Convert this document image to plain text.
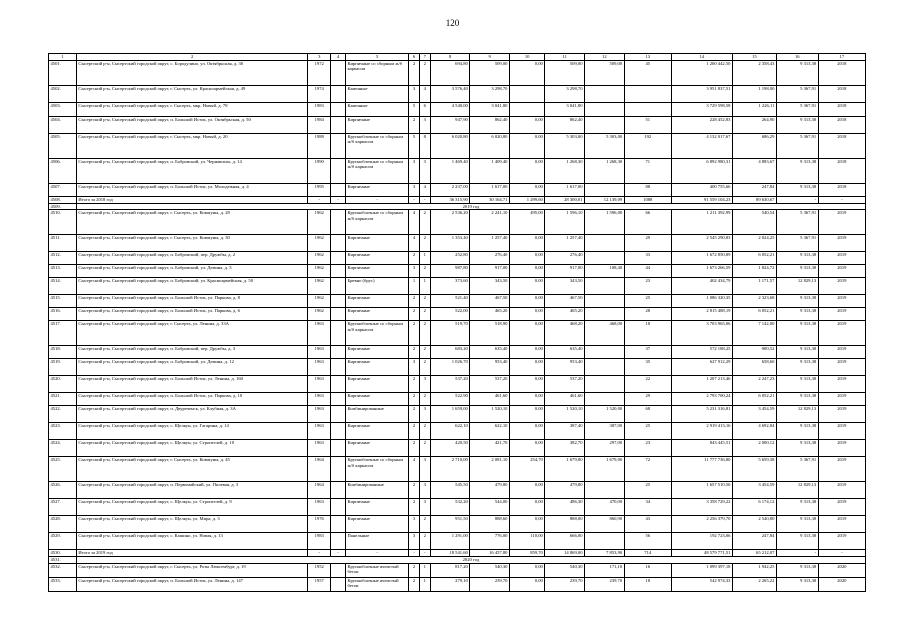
120
1	2	3	4	5	6	7	8	9	10	11	12	13	14	15	16	17
4501.	Сысертский р-н, Сысертский городской округ, с. Бородулино, ул. Октябрьская, д. 30	1972		Кирпичные со сборным ж/б каркасом	2	2	694,80	509,00	0,00	509,00	509,00	45	1 200 442,50	2 358,43	9 313,38	2018
4502.	Сысертский р-н, Сысертский городской округ, г. Сысерть, ул. Красноармейская, д. 49	1974		Каменные	3	4	3 576,40	3 298,70		3 298,70			3 951 837,51	1 198,00	5 367,91	2018
4503.	Сысертский р-н, Сысертский городской округ, г. Сысерть, мкр. Новый, д. 78	1983		Каменные	5	6	4 540,00	3 041,80		3 041,80			3 729 598,58	1 226,11	5 367,91	2018
4504.	Сысертский р-н, Сысертский городской округ, п. Большой Исток, ул. Октябрьская, д. 50	1984		Кирпичные	2	3	947,90	862,40	0,00	862,40		51	228 452,83	264,90	9 313,38	2018
4505.	Сысертский р-н, Сысертский городской округ, г. Сысерть, мкр. Новый, д. 20	1988		Крупноблочные со сборным ж/б каркасом	5	8	6 020,80	6 020,80	0,00	5 303,00	5 303,00	192	4 132 017,67	686,29	5 367,91	2018
4506.	Сысертский р-н, Сысертский городской округ, п. Бобровский, ул. Чернавских, д. 14	1990		Крупноблочные со сборным ж/б каркасом	3	3	1 469,40	1 409,40	0,00	1 268,30	1 268,30	71	6 892 980,31	4 883,67	9 313,38	2018
4507.	Сысертский р-н, Сысертский городской округ, п. Большой Исток, ул. Молодежная, д. 4	1995		Кирпичные	3	4	2 237,00	1 617,00	0,00	1 617,00		88	400 755,66	247,84	9 313,38	2018
4508.	Итого за 2018 год	-	-	-	-	-	36 315,90	30 164,71	1 299,60	28 300,01	12 139,09	1088	91 559 104,23	89 630,67	-	-
4509.	2019 год															
4510.	Сысертский р-н, Сысертский городской округ, г. Сысерть, ул. Коммуны, д. 28	1962		Крупноблочные со сборным ж/б каркасом	4	2	2 536,20	2 241,10	495,00	1 596,10	1 596,00	66	1 211 392,99	540,54	5 367,91	2019
4511.	Сысертский р-н, Сысертский городской округ, г. Сысерть, ул. Коммуны, д. 30	1962		Кирпичные	4	2	1 353,40	1 257,40	0,00	1 257,40		29	2 545 290,83	2 024,25	5 367,91	2019
4512.	Сысертский р-н, Сысертский городской округ, п. Бобровский, пер. Дружбы, д. 2	1962		Кирпичные	2	1	252,80	276,40	0,00	276,40		33	1 672 850,89	6 052,21	9 313,38	2019
4513.	Сысертский р-н, Сысертский городской округ, п. Бобровский, ул. Демина, д. 5	1962		Кирпичные	3	2	987,80	917,00	0,00	917,00	108,40	44	1 673 266,59	1 824,72	9 313,38	2019
4514.	Сысертский р-н, Сысертский городской округ, п. Бобровский, ул. Красноармейская, д. 50	1962		Бревно (брус)	1	1	373,60	343,50	0,00	343,50		23	402 434,79	1 171,57	12 829,13	2019
4515.	Сысертский р-н, Сысертский городской округ, п. Большой Исток, ул. Паркова, д. 8	1962		Кирпичные	2	2	521,40	467,50	0,00	467,50		25	1 086 320,35	2 323,68	9 313,38	2019
4516.	Сысертский р-н, Сысертский городской округ, п. Большой Исток, ул. Паркова, д. 6	1962		Кирпичные	2	2	522,00	465,20	0,00	465,20		28	2 815 488,19	6 052,21	9 313,38	2019
4517.	Сысертский р-н, Сысертский городской округ, г. Сысерть, ул. Ленина, д. 33А	1963		Крупноблочные со сборным ж/б каркасом	2	2	519,70	518,90	0,00	468,20	468,00	18	3 703 965,06	7 142,00	9 313,38	2019
4518.	Сысертский р-н, Сысертский городской округ, п. Бобровский, пер. Дружбы, д. 3	1963		Кирпичные	2	2	683,20	635,40	0,00	635,40		37	572 188,25	900,52	9 313,38	2019
4519.	Сысертский р-н, Сысертский городской округ, п. Бобровский, ул. Демина, д. 12	1963		Кирпичные	3	2	1 026,70	953,40	0,00	953,40		35	627 912,29	658,60	9 313,38	2019
4520.	Сысертский р-н, Сысертский городской округ, п. Большой Исток, ул. Ленина, д. 160	1963		Кирпичные	2	3	537,20	537,20	0,00	537,20		22	1 207 213,46	2 247,23	9 313,38	2019
4521.	Сысертский р-н, Сысертский городской округ, п. Большой Исток, ул. Паркова, д. 10	1963		Кирпичные	2	2	522,90	461,60	0,00	461,60		29	2 793 700,24	6 052,21	9 313,38	2019
4522.	Сысертский р-н, Сысертский городской округ, п. Двуреченск, ул. Клубная, д. 3А	1963		Комбинированные	2	3	1 659,00	1 520,10	0,00	1 520,10	1 520,00	68	5 231 316,81	3 454,59	12 829,13	2019
4523.	Сысертский р-н, Сысертский городской округ, с. Щелкун, ул. Гагарина, д. 14	1963		Кирпичные	2	2	622,10	622,10	0,00	387,40	387,00	25	2 919 413,16	4 692,84	9 313,38	2019
4524.	Сысертский р-н, Сысертский городской округ, с. Щелкун, ул. Строителей, д. 10	1963		Кирпичные	2	2	420,50	421,70	0,00	382,70	297,00	23	843 445,51	2 000,12	9 313,38	2019
4525.	Сысертский р-н, Сысертский городской округ, г. Сысерть, ул. Коммуны, д. 45	1964		Крупноблочные со сборным ж/б каркасом	4	3	2 710,00	2 081,10	254,70	1 679,80	1 679,00	72	11 777 736,80	5 659,38	5 367,91	2019
4526.	Сысертский р-н, Сысертский городской округ, п. Первомайский, ул. Пилевая, д. 3	1964		Комбинированные	2	3	545,50	479,80	0,00	479,80		25	1 657 510,56	3 454,59	12 829,13	2019
4527.	Сысертский р-н, Сысертский городской округ, с. Щелкун, ул. Строителей, д. 9	1963		Кирпичные	2	3	532,20	544,00	0,00	486,30	470,00	34	3 358 729,22	6 174,12	9 313,38	2019
4528.	Сысертский р-н, Сысертский городской округ, с. Щелкун, ул. Мира, д. 3	1976		Кирпичные	3	2	951,50	888,60	0,00	888,00	860,90	43	2 256 379,70	2 540,80	9 313,38	2019
4529.	Сысертский р-н, Сысертский городской округ, с. Кашино, ул. Новая, д. 13	1983		Панельные	3	2	1 291,00	776,00	110,00	666,00		56	192 723,06	247,84	9 313,38	2019
4530.	Итого за 2019 год	-	-	-	-	-	18 541,60	16 457,80	859,70	14 869,00	7 853,90	714	48 579 771,51	65 212,07	-	-
4531.	2020 год															
4532.	Сысертский р-н, Сысертский городской округ, г. Сысерть, ул. Розы Люксембург, д. 19	1952		Крупноблочные ячеистый бетон	2	1	817,20	540,30	0,00	540,30	171,10	16	1 099 397,18	1 942,25	9 313,38	2020
4533.	Сысертский р-н, Сысертский городской округ, п. Большой Исток, ул. Ленина, д. 147	1957		Крупноблочные ячеистый бетон	2	1	279,10	239,70	0,00	239,70	239,70	18	542 974,33	2 265,22	9 313,38	2020
